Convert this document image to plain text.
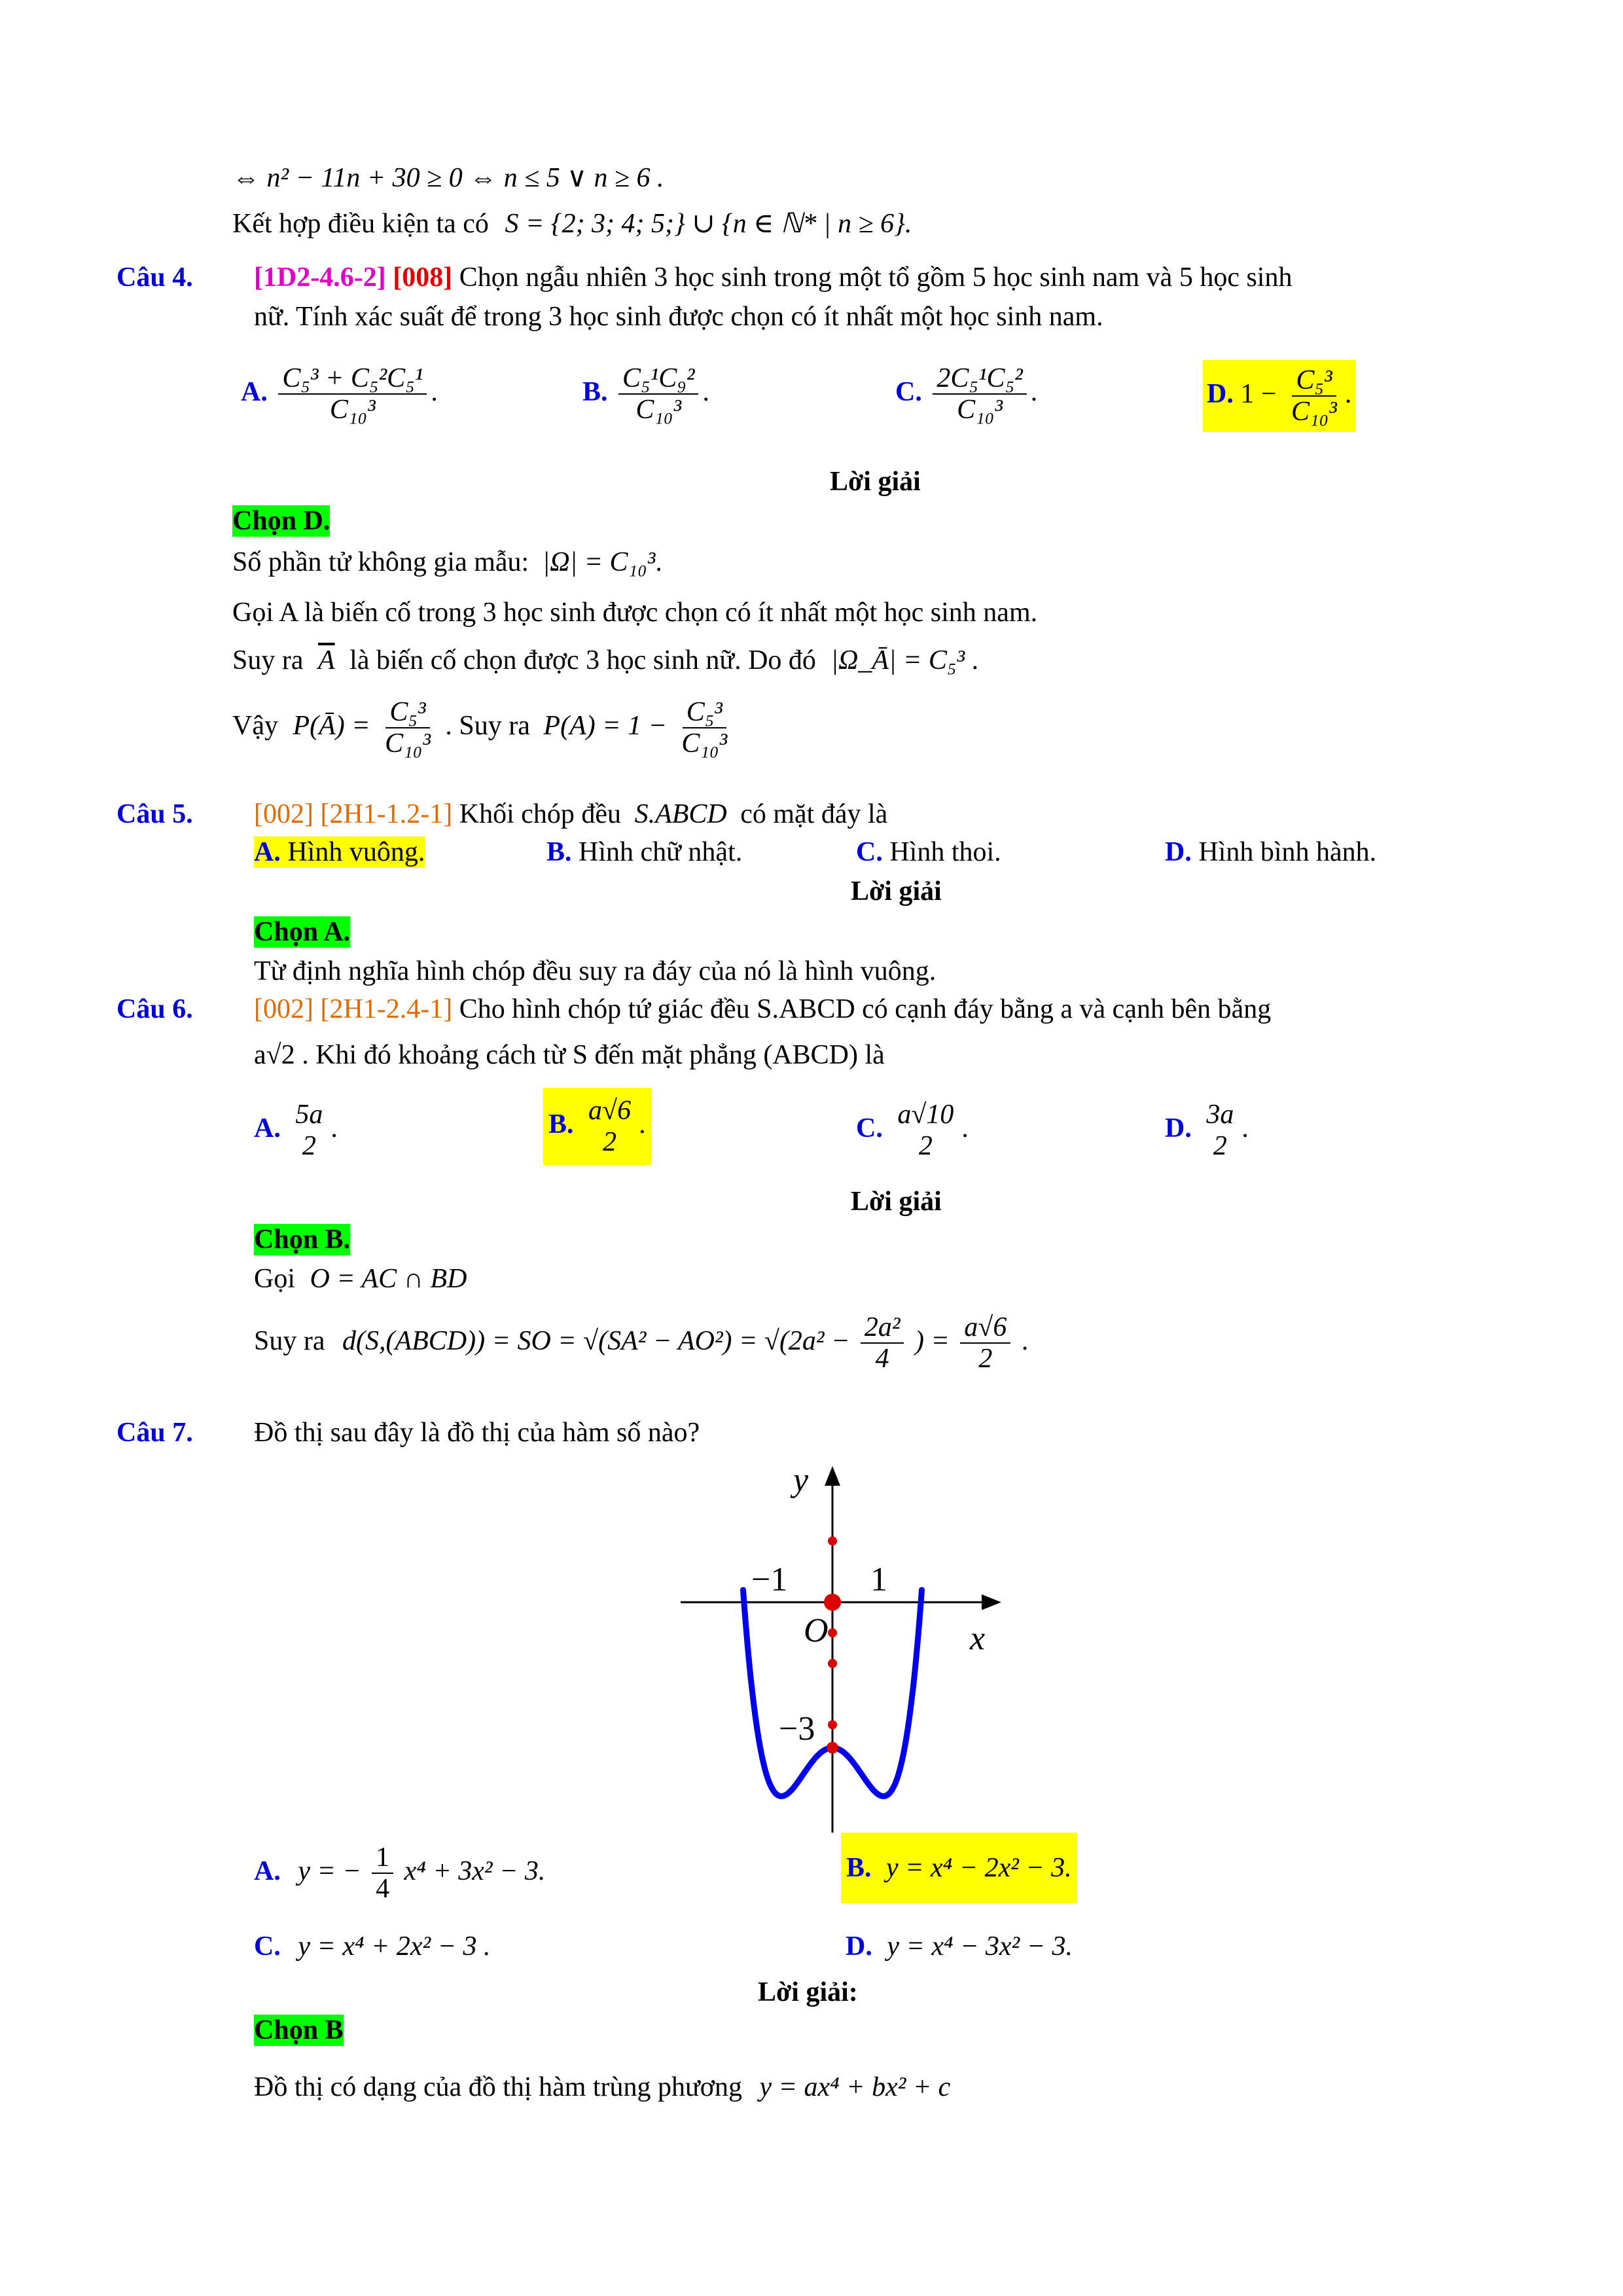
⇔ n² − 11n + 30 ≥ 0 ⇔ n ≤ 5 ∨ n ≥ 6 .
Kết hợp điều kiện ta có S = {2; 3; 4; 5;} ∪ {n ∈ ℕ* | n ≥ 6}.
Câu 4. [1D2-4.6-2] [008] Chọn ngẫu nhiên 3 học sinh trong một tổ gồm 5 học sinh nam và 5 học sinh
nữ. Tính xác suất để trong 3 học sinh được chọn có ít nhất một học sinh nam.
A. $\frac{\text{C₅³ + C₅²C₅¹}}{\text{C₁₀³}}$ .	B. $\frac{\text{C₅¹C₉²}}{\text{C₁₀³}}$ .	C. $\frac{\text{2C₅¹C₅²}}{\text{C₁₀³}}$ .	D. $1 - \frac{\text{C₅³}}{\text{C₁₀³}}$ .
Lời giải
Chọn D.
Số phần tử không gia mẫu: |Ω| = C₁₀³.
Gọi A là biến cố trong 3 học sinh được chọn có ít nhất một học sinh nam.
Suy ra $\overline{A}$ là biến cố chọn được 3 học sinh nữ. Do đó |Ω_Ā| = C₅³ .
Vậy P(Ā) = $\frac{\text{C₅³}}{\text{C₁₀³}}$ . Suy ra $P(A) = 1 - \frac{\text{C₅³}}{\text{C₁₀³}}$
Câu 5. [002] [2H1-1.2-1] Khối chóp đều S.ABCD có mặt đáy là
A. Hình vuông.	B. Hình chữ nhật.	C. Hình thoi.	D. Hình bình hành.
Lời giải
Chọn A.
Từ định nghĩa hình chóp đều suy ra đáy của nó là hình vuông.
Câu 6. [002] [2H1-2.4-1] Cho hình chóp tứ giác đều S.ABCD có cạnh đáy bằng a và cạnh bên bằng
a√2 . Khi đó khoảng cách từ S đến mặt phẳng (ABCD) là
A. 5a
2
.	B. a√6
2
.	C. a√10
2
.	D. 3a
2
.
Lời giải
Chọn B.
Gọi O = AC ∩ BD
Suy ra d(S,(ABCD)) = SO = $√(SA^2 - AO^2) = √(2a^2 - \frac{\text{2a²}}{4}$ ) = $\frac{a√6}{2}$ .
Câu 7. Đồ thị sau đây là đồ thị của hàm số nào?
y
x
O
−1 1
−3
A. y = − $\frac{1}{4} x^4 + 3x^2 - 3$.	B. y = x⁴ − 2x² − 3.
C. y = x⁴ + 2x² − 3 .	D. y = x⁴ − 3x² − 3.
Lời giải:
Chọn B
Đồ thị có dạng của đồ thị hàm trùng phương y = ax⁴ + bx² + c
